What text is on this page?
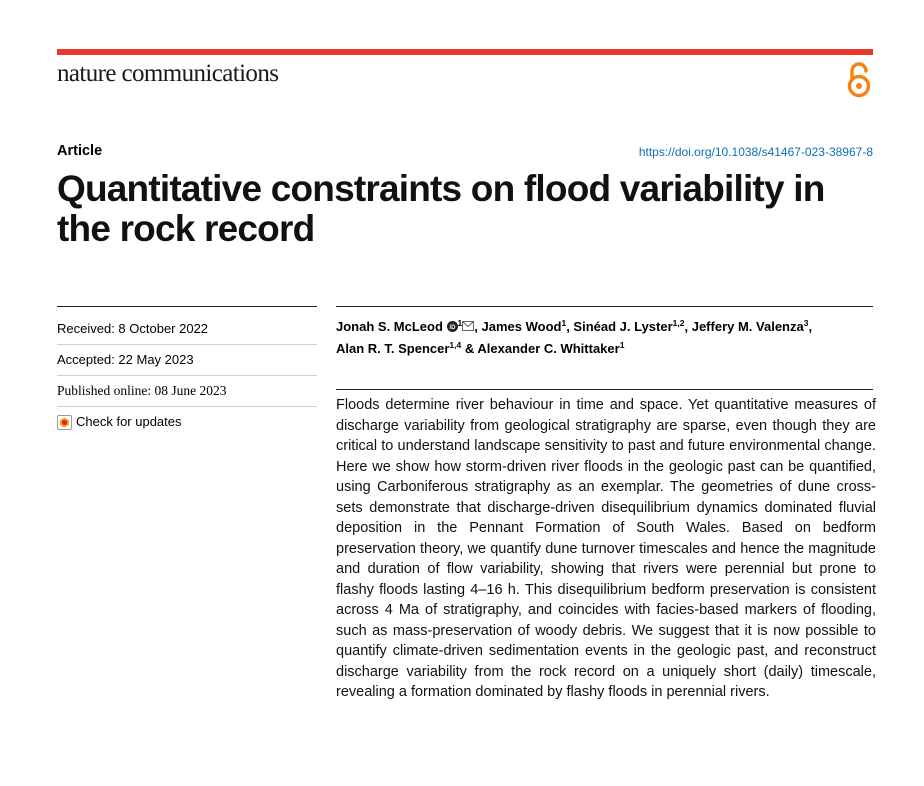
nature communications
Article	https://doi.org/10.1038/s41467-023-38967-8
Quantitative constraints on flood variability in the rock record
Received: 8 October 2022
Accepted: 22 May 2023
Published online: 08 June 2023
Check for updates
Jonah S. McLeod iD $^1$ , James Wood$^1$, Sinéad J. Lyster$^{1,2}$, Jeffery M. Valenza$^3$,
Alan R. T. Spencer$^{1,4}$ & Alexander C. Whittaker$^1$

Floods determine river behaviour in time and space. Yet quantitative measures of discharge variability from geological stratigraphy are sparse, even though they are critical to understand landscape sensitivity to past and future environmental change. Here we show how storm-driven river floods in the geologic past can be quantified, using Carboniferous stratigraphy as an exemplar. The geometries of dune cross-sets demonstrate that discharge-driven disequilibrium dynamics dominated fluvial deposition in the Pennant Formation of South Wales. Based on bedform preservation theory, we quantify dune turnover timescales and hence the magnitude and duration of flow variability, showing that rivers were perennial but prone to flashy floods lasting 4–16 h. This disequilibrium bedform preservation is consistent across 4 Ma of stratigraphy, and coincides with facies-based markers of flooding, such as mass-preservation of woody debris. We suggest that it is now possible to quantify climate-driven sedimentation events in the geologic past, and reconstruct discharge variability from the rock record on a uniquely short (daily) timescale, revealing a formation dominated by flashy floods in perennial rivers.
